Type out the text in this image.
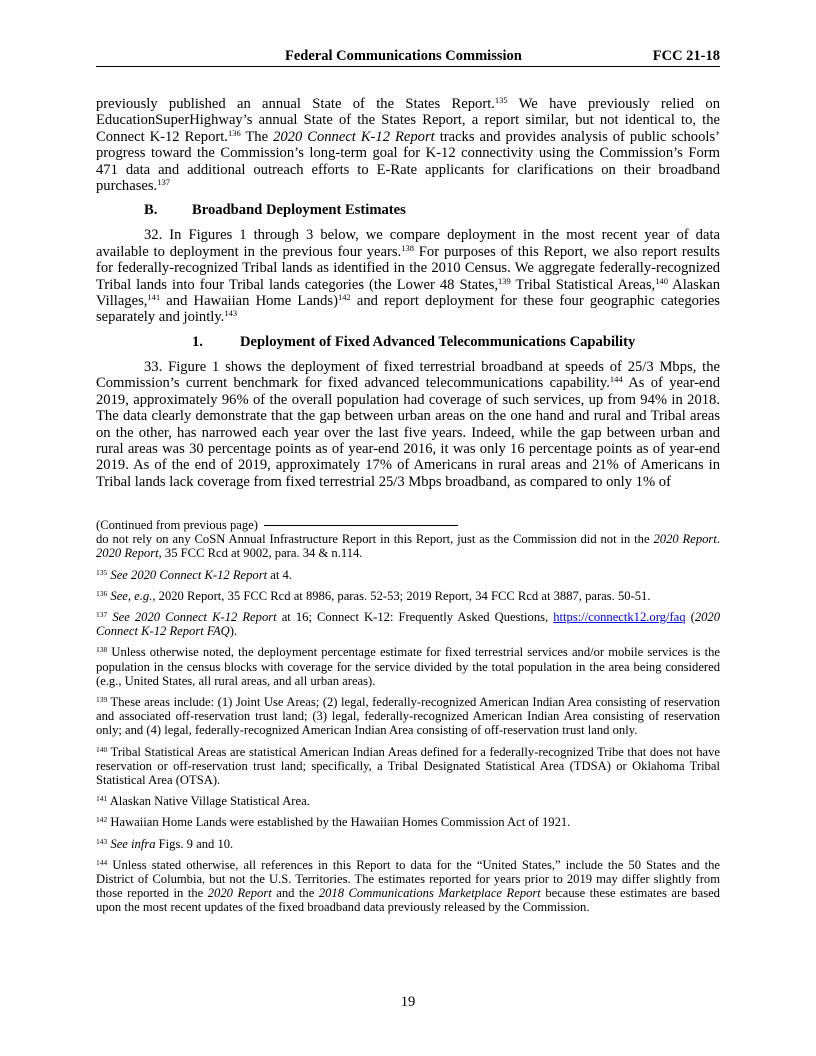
Federal Communications Commission	FCC 21-18

previously published an annual State of the States Report.$^{135}$ We have previously relied on EducationSuperHighway’s annual State of the States Report, a report similar, but not identical to, the Connect K-12 Report.$^{136}$ The 2020 Connect K-12 Report tracks and provides analysis of public schools’ progress toward the Commission’s long-term goal for K-12 connectivity using the Commission’s Form 471 data and additional outreach efforts to E-Rate applicants for clarifications on their broadband purchases.$^{137}$

B. Broadband Deployment Estimates

32. In Figures 1 through 3 below, we compare deployment in the most recent year of data available to deployment in the previous four years.$^{138}$ For purposes of this Report, we also report results for federally-recognized Tribal lands as identified in the 2010 Census. We aggregate federally-recognized Tribal lands into four Tribal lands categories (the Lower 48 States,$^{139}$ Tribal Statistical Areas,$^{140}$ Alaskan Villages,$^{141}$ and Hawaiian Home Lands)$^{142}$ and report deployment for these four geographic categories separately and jointly.$^{143}$

1.	Deployment of Fixed Advanced Telecommunications Capability

33. Figure 1 shows the deployment of fixed terrestrial broadband at speeds of 25/3 Mbps, the Commission’s current benchmark for fixed advanced telecommunications capability.$^{144}$ As of year-end 2019, approximately 96% of the overall population had coverage of such services, up from 94% in 2018. The data clearly demonstrate that the gap between urban areas on the one hand and rural and Tribal areas on the other, has narrowed each year over the last five years. Indeed, while the gap between urban and rural areas was 30 percentage points as of year-end 2016, it was only 16 percentage points as of year-end 2019. As of the end of 2019, approximately 17% of Americans in rural areas and 21% of Americans in Tribal lands lack coverage from fixed terrestrial 25/3 Mbps broadband, as compared to only 1% of

(Continued from previous page)

do not rely on any CoSN Annual Infrastructure Report in this Report, just as the Commission did not in the 2020 Report. 2020 Report, 35 FCC Rcd at 9002, para. 34 & n.114.

$^{135}$ See 2020 Connect K-12 Report at 4.

$^{136}$ See, e.g., 2020 Report, 35 FCC Rcd at 8986, paras. 52-53; 2019 Report, 34 FCC Rcd at 3887, paras. 50-51.

$^{137}$ See 2020 Connect K-12 Report at 16; Connect K-12: Frequently Asked Questions, https://connectk12.org/faq (2020 Connect K-12 Report FAQ).

$^{138}$ Unless otherwise noted, the deployment percentage estimate for fixed terrestrial services and/or mobile services is the population in the census blocks with coverage for the service divided by the total population in the area being considered (e.g., United States, all rural areas, and all urban areas).

$^{139}$ These areas include: (1) Joint Use Areas; (2) legal, federally-recognized American Indian Area consisting of reservation and associated off-reservation trust land; (3) legal, federally-recognized American Indian Area consisting of reservation only; and (4) legal, federally-recognized American Indian Area consisting of off-reservation trust land only.

$^{140}$ Tribal Statistical Areas are statistical American Indian Areas defined for a federally-recognized Tribe that does not have reservation or off-reservation trust land; specifically, a Tribal Designated Statistical Area (TDSA) or Oklahoma Tribal Statistical Area (OTSA).

$^{141}$ Alaskan Native Village Statistical Area.

$^{142}$ Hawaiian Home Lands were established by the Hawaiian Homes Commission Act of 1921.

$^{143}$ See infra Figs. 9 and 10.

$^{144}$ Unless stated otherwise, all references in this Report to data for the “United States,” include the 50 States and the District of Columbia, but not the U.S. Territories. The estimates reported for years prior to 2019 may differ slightly from those reported in the 2020 Report and the 2018 Communications Marketplace Report because these estimates are based upon the most recent updates of the fixed broadband data previously released by the Commission.

19
